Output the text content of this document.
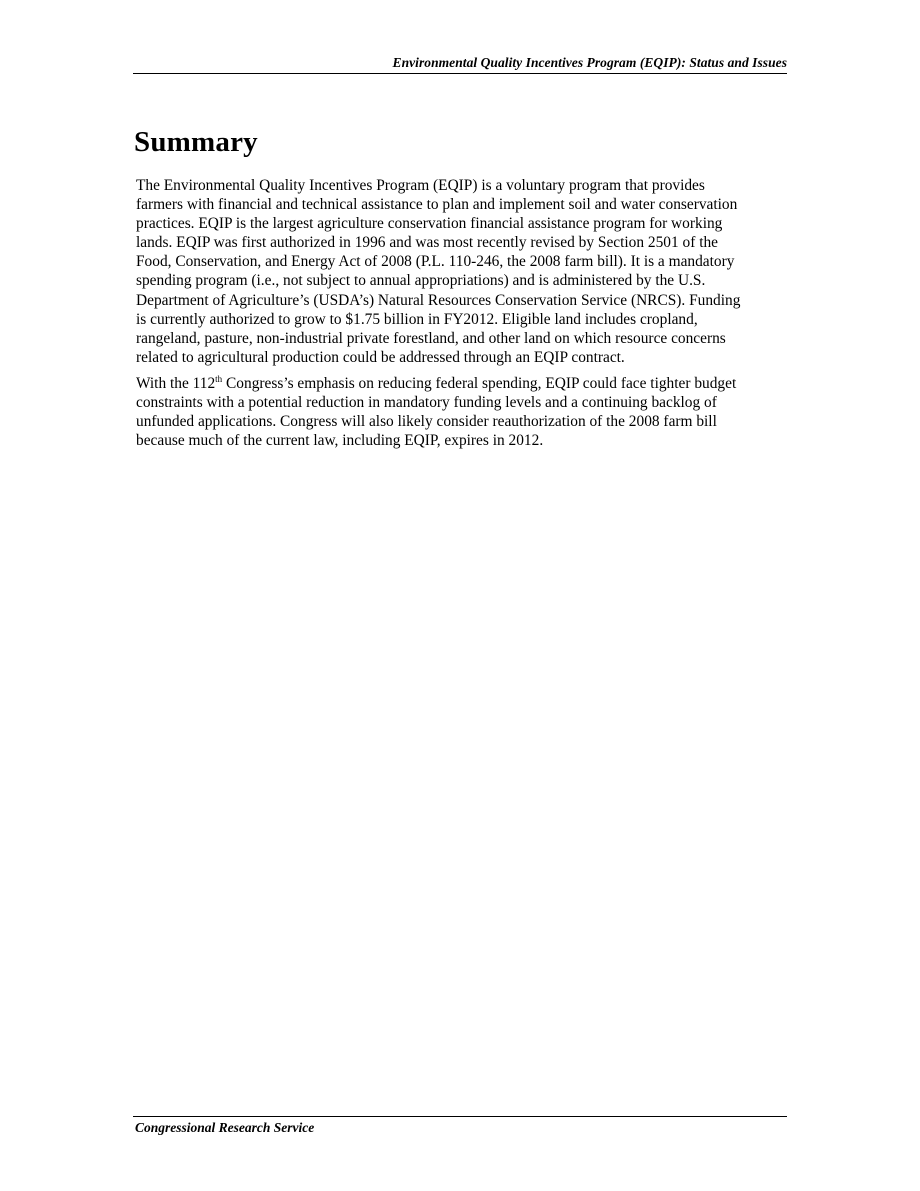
Environmental Quality Incentives Program (EQIP): Status and Issues
Summary

The Environmental Quality Incentives Program (EQIP) is a voluntary program that provides
farmers with financial and technical assistance to plan and implement soil and water conservation
practices. EQIP is the largest agriculture conservation financial assistance program for working
lands. EQIP was first authorized in 1996 and was most recently revised by Section 2501 of the
Food, Conservation, and Energy Act of 2008 (P.L. 110-246, the 2008 farm bill). It is a mandatory
spending program (i.e., not subject to annual appropriations) and is administered by the U.S.
Department of Agriculture’s (USDA’s) Natural Resources Conservation Service (NRCS). Funding
is currently authorized to grow to $1.75 billion in FY2012. Eligible land includes cropland,
rangeland, pasture, non-industrial private forestland, and other land on which resource concerns
related to agricultural production could be addressed through an EQIP contract.

With the 112th Congress’s emphasis on reducing federal spending, EQIP could face tighter budget
constraints with a potential reduction in mandatory funding levels and a continuing backlog of
unfunded applications. Congress will also likely consider reauthorization of the 2008 farm bill
because much of the current law, including EQIP, expires in 2012.

Congressional Research Service
